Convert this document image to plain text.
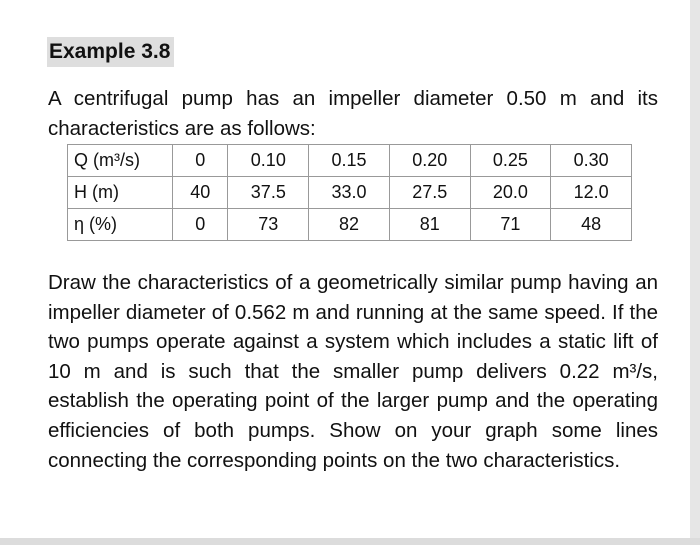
Example 3.8
A centrifugal pump has an impeller diameter 0.50 m and its characteristics are as follows:
Q (m³/s)	0	0.10	0.15	0.20	0.25	0.30
H (m)	40	37.5	33.0	27.5	20.0	12.0
η (%)	0	73	82	81	71	48
Draw the characteristics of a geometrically similar pump having an impeller diameter of 0.562 m and running at the same speed. If the two pumps operate against a system which includes a static lift of 10 m and is such that the smaller pump delivers 0.22 m³/s, establish the operating point of the larger pump and the operating efficiencies of both pumps. Show on your graph some lines connecting the corresponding points on the two characteristics.
